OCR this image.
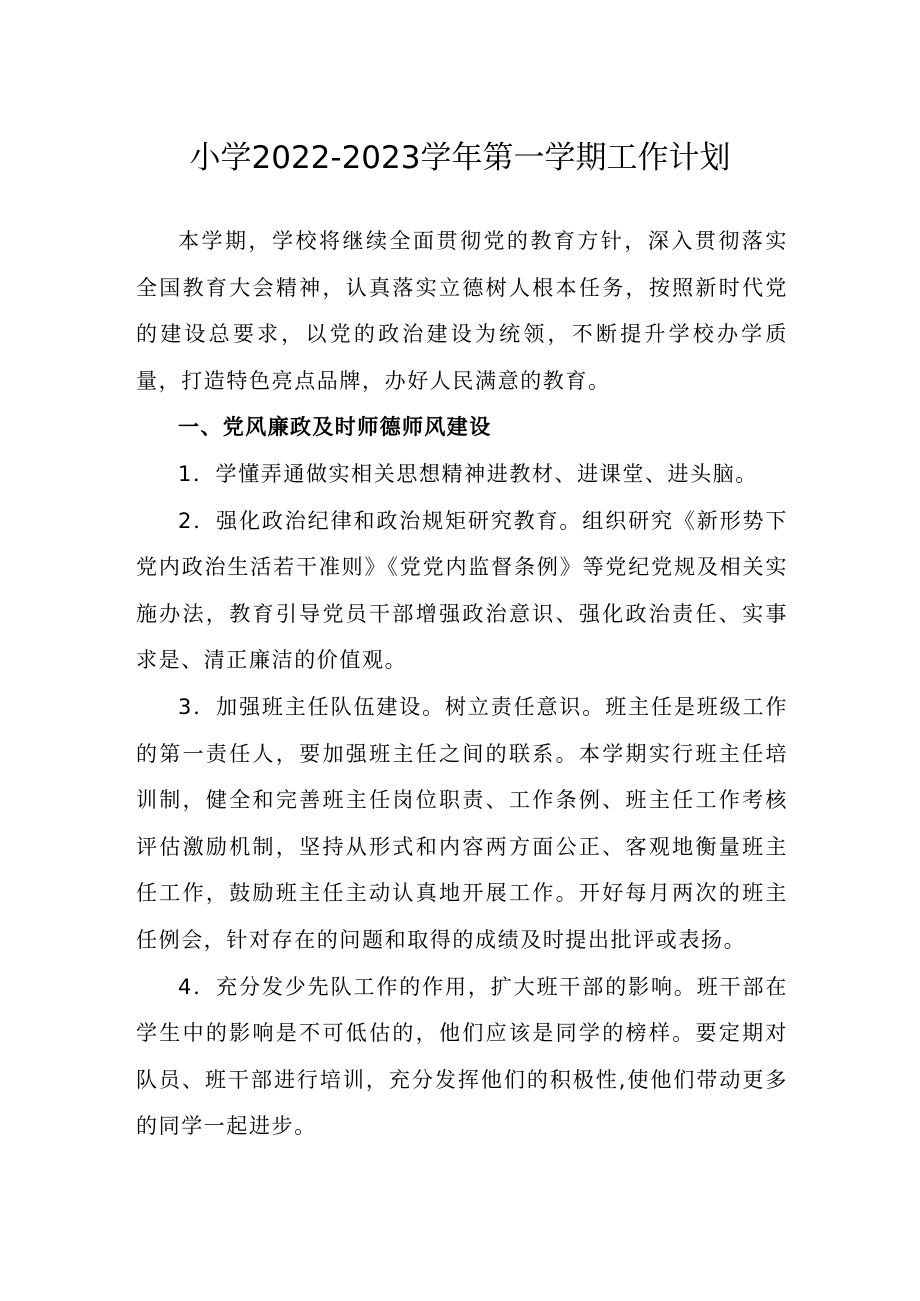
小学2022-2023学年第一学期工作计划

本学期，学校将继续全面贯彻党的教育方针，深入贯彻落实全国教育大会精神，认真落实立德树人根本任务，按照新时代党的建设总要求，以党的政治建设为统领，不断提升学校办学质量，打造特色亮点品牌，办好人民满意的教育。

一、党风廉政及时师德师风建设

1．学懂弄通做实相关思想精神进教材、进课堂、进头脑。

2．强化政治纪律和政治规矩研究教育。组织研究《新形势下党内政治生活若干准则》《党党内监督条例》等党纪党规及相关实施办法，教育引导党员干部增强政治意识、强化政治责任、实事求是、清正廉洁的价值观。

3．加强班主任队伍建设。树立责任意识。班主任是班级工作的第一责任人，要加强班主任之间的联系。本学期实行班主任培训制，健全和完善班主任岗位职责、工作条例、班主任工作考核评估激励机制，坚持从形式和内容两方面公正、客观地衡量班主任工作，鼓励班主任主动认真地开展工作。开好每月两次的班主任例会，针对存在的问题和取得的成绩及时提出批评或表扬。

4．充分发少先队工作的作用，扩大班干部的影响。班干部在学生中的影响是不可低估的，他们应该是同学的榜样。要定期对队员、班干部进行培训，充分发挥他们的积极性,使他们带动更多的同学一起进步。
